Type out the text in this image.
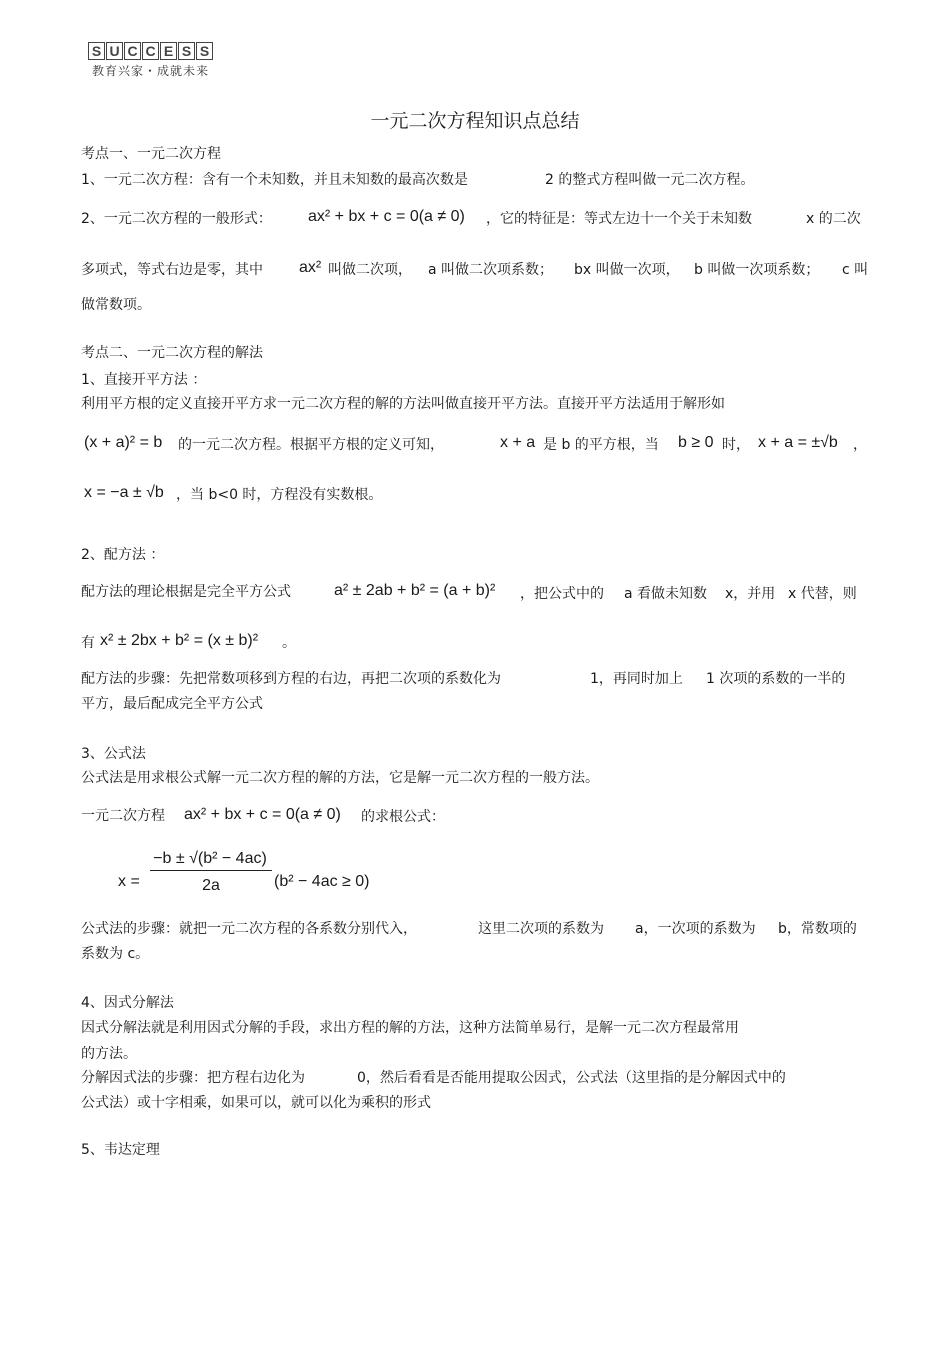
S U C C E S S
教育兴家・成就未来
一元二次方程知识点总结
考点一、一元二次方程
1、一元二次方程：含有一个未知数，并且未知数的最高次数是	2 的整式方程叫做一元二次方程。
2、一元二次方程的一般形式： ax² + bx + c = 0(a ≠ 0) ，它的特征是：等式左边十一个关于未知数	x 的二次
多项式，等式右边是零，其中 ax² 叫做二次项， a 叫做二次项系数； bx 叫做一次项， b 叫做一次项系数； c 叫
做常数项。
考点二、一元二次方程的解法
1、直接开平方法 ：
利用平方根的定义直接开平方求一元二次方程的解的方法叫做直接开平方法。直接开平方法适用于解形如
(x + a)² = b 的一元二次方程。根据平方根的定义可知，	x + a 是 b 的平方根，当 b ≥ 0 时， x + a = ±√b ，
x = −a ± √b ，当 b<0 时，方程没有实数根。
2、配方法 ：
配方法的理论根据是完全平方公式	a² ± 2ab + b² = (a + b)² ，把公式中的 a 看做未知数 x，并用 x 代替，则
有 x² ± 2bx + b² = (x ± b)² 。
配方法的步骤：先把常数项移到方程的右边，再把二次项的系数化为	1，再同时加上 1 次项的系数的一半的
平方，最后配成完全平方公式
3、公式法
公式法是用求根公式解一元二次方程的解的方法，它是解一元二次方程的一般方法。
一元二次方程 ax² + bx + c = 0(a ≠ 0) 的求根公式：
$x = \frac{\text{−b ± √(b² − 4ac)}}{2a} (b^2 - 4ac \ge 0)$
公式法的步骤：就把一元二次方程的各系数分别代入，	这里二次项的系数为 a，一次项的系数为 b，常数项的
系数为 c。
4、因式分解法
因式分解法就是利用因式分解的手段，求出方程的解的方法，这种方法简单易行，是解一元二次方程最常用
的方法。
分解因式法的步骤：把方程右边化为	0，然后看看是否能用提取公因式，公式法（这里指的是分解因式中的
公式法）或十字相乘，如果可以，就可以化为乘积的形式
5、韦达定理
